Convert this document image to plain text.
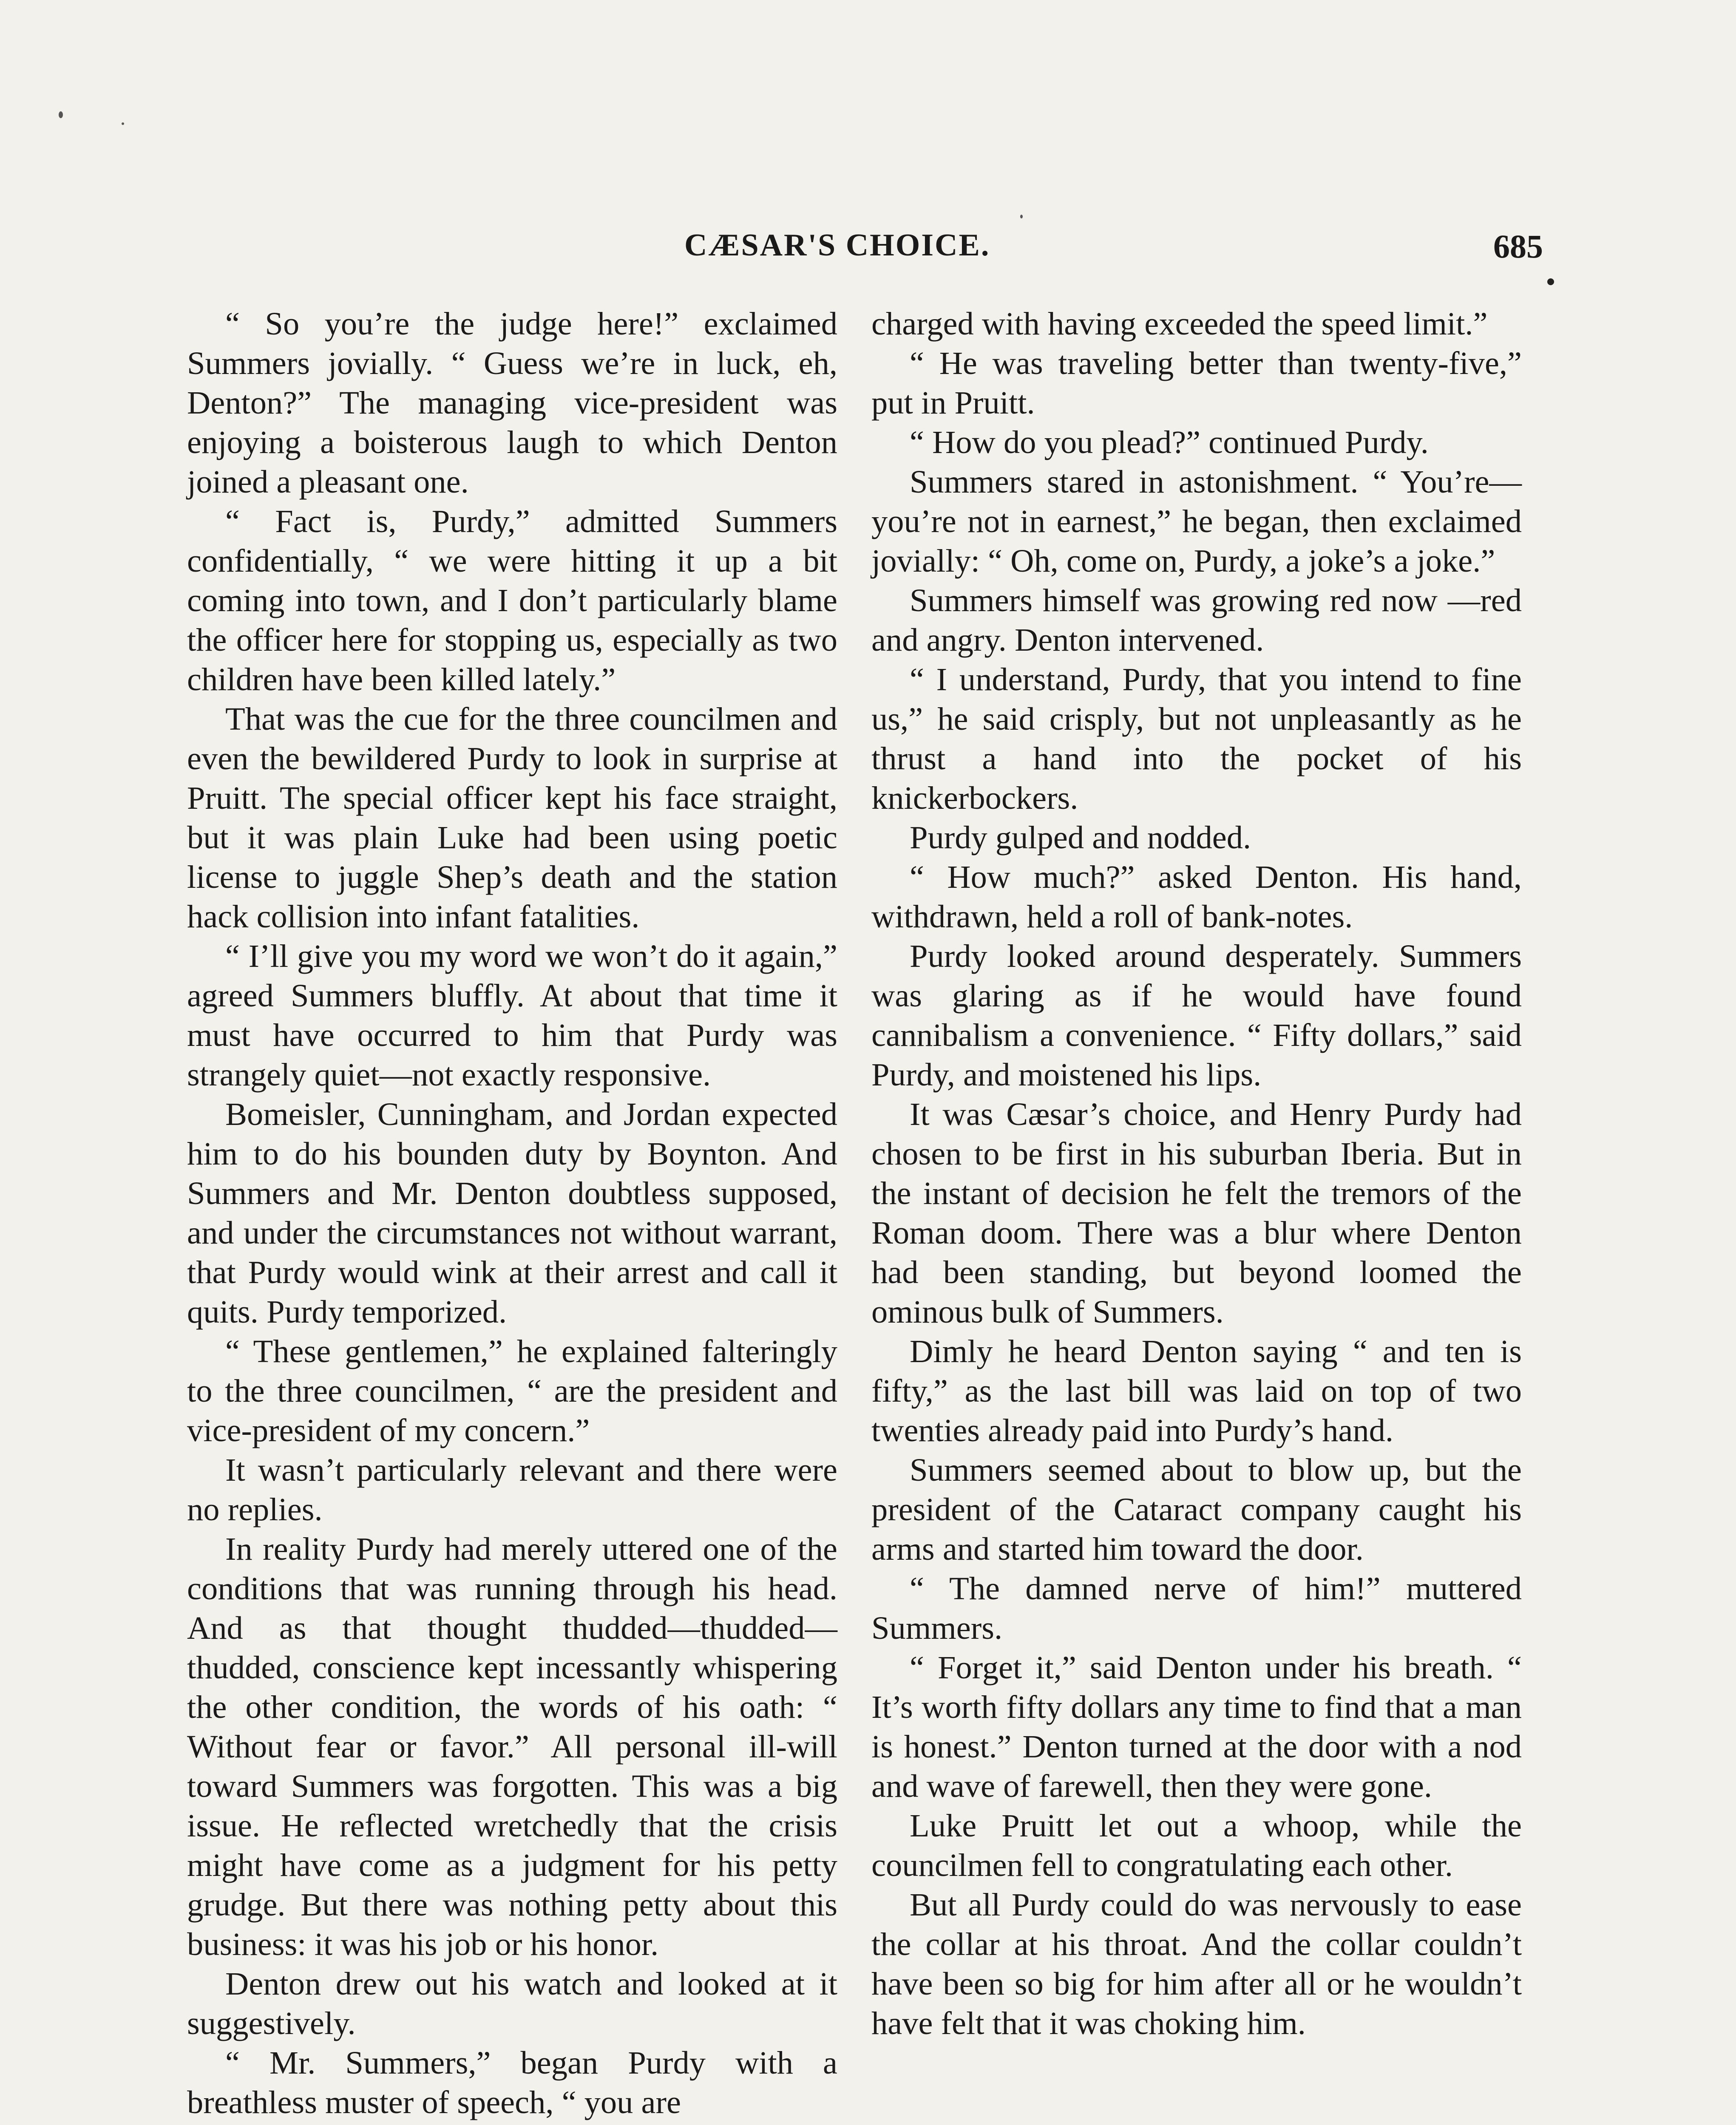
CÆSAR'S CHOICE.	685

“ So you’re the judge here!” exclaimed Summers jovially. “ Guess we’re in luck, eh, Denton?” The managing vice-president was enjoying a boisterous laugh to which Denton joined a pleasant one.

“ Fact is, Purdy,” admitted Summers confidentially, “ we were hitting it up a bit coming into town, and I don’t particularly blame the officer here for stopping us, especially as two children have been killed lately.”

That was the cue for the three councilmen and even the bewildered Purdy to look in surprise at Pruitt. The special officer kept his face straight, but it was plain Luke had been using poetic license to juggle Shep’s death and the station hack collision into infant fatalities.

“ I’ll give you my word we won’t do it again,” agreed Summers bluffly. At about that time it must have occurred to him that Purdy was strangely quiet—not exactly responsive.

Bomeisler, Cunningham, and Jordan expected him to do his bounden duty by Boynton. And Summers and Mr. Denton doubtless supposed, and under the circumstances not without warrant, that Purdy would wink at their arrest and call it quits. Purdy temporized.

“ These gentlemen,” he explained falteringly to the three councilmen, “ are the president and vice-president of my concern.”

It wasn’t particularly relevant and there were no replies.

In reality Purdy had merely uttered one of the conditions that was running through his head. And as that thought thudded—thudded—thudded, conscience kept incessantly whispering the other condition, the words of his oath: “ Without fear or favor.” All personal ill-will toward Summers was forgotten. This was a big issue. He reflected wretchedly that the crisis might have come as a judgment for his petty grudge. But there was nothing petty about this business: it was his job or his honor.

Denton drew out his watch and looked at it suggestively.

“ Mr. Summers,” began Purdy with a breathless muster of speech, “ you are

charged with having exceeded the speed limit.”

“ He was traveling better than twenty-five,” put in Pruitt.

“ How do you plead?” continued Purdy.

Summers stared in astonishment. “ You’re—you’re not in earnest,” he began, then exclaimed jovially: “ Oh, come on, Purdy, a joke’s a joke.”

Summers himself was growing red now —red and angry. Denton intervened.

“ I understand, Purdy, that you intend to fine us,” he said crisply, but not unpleasantly as he thrust a hand into the pocket of his knickerbockers.

Purdy gulped and nodded.

“ How much?” asked Denton. His hand, withdrawn, held a roll of bank-notes.

Purdy looked around desperately. Summers was glaring as if he would have found cannibalism a convenience. “ Fifty dollars,” said Purdy, and moistened his lips.

It was Cæsar’s choice, and Henry Purdy had chosen to be first in his suburban Iberia. But in the instant of decision he felt the tremors of the Roman doom. There was a blur where Denton had been standing, but beyond loomed the ominous bulk of Summers.

Dimly he heard Denton saying “ and ten is fifty,” as the last bill was laid on top of two twenties already paid into Purdy’s hand.

Summers seemed about to blow up, but the president of the Cataract company caught his arms and started him toward the door.

“ The damned nerve of him!” muttered Summers.

“ Forget it,” said Denton under his breath. “ It’s worth fifty dollars any time to find that a man is honest.” Denton turned at the door with a nod and wave of farewell, then they were gone.

Luke Pruitt let out a whoop, while the councilmen fell to congratulating each other.

But all Purdy could do was nervously to ease the collar at his throat. And the collar couldn’t have been so big for him after all or he wouldn’t have felt that it was choking him.
